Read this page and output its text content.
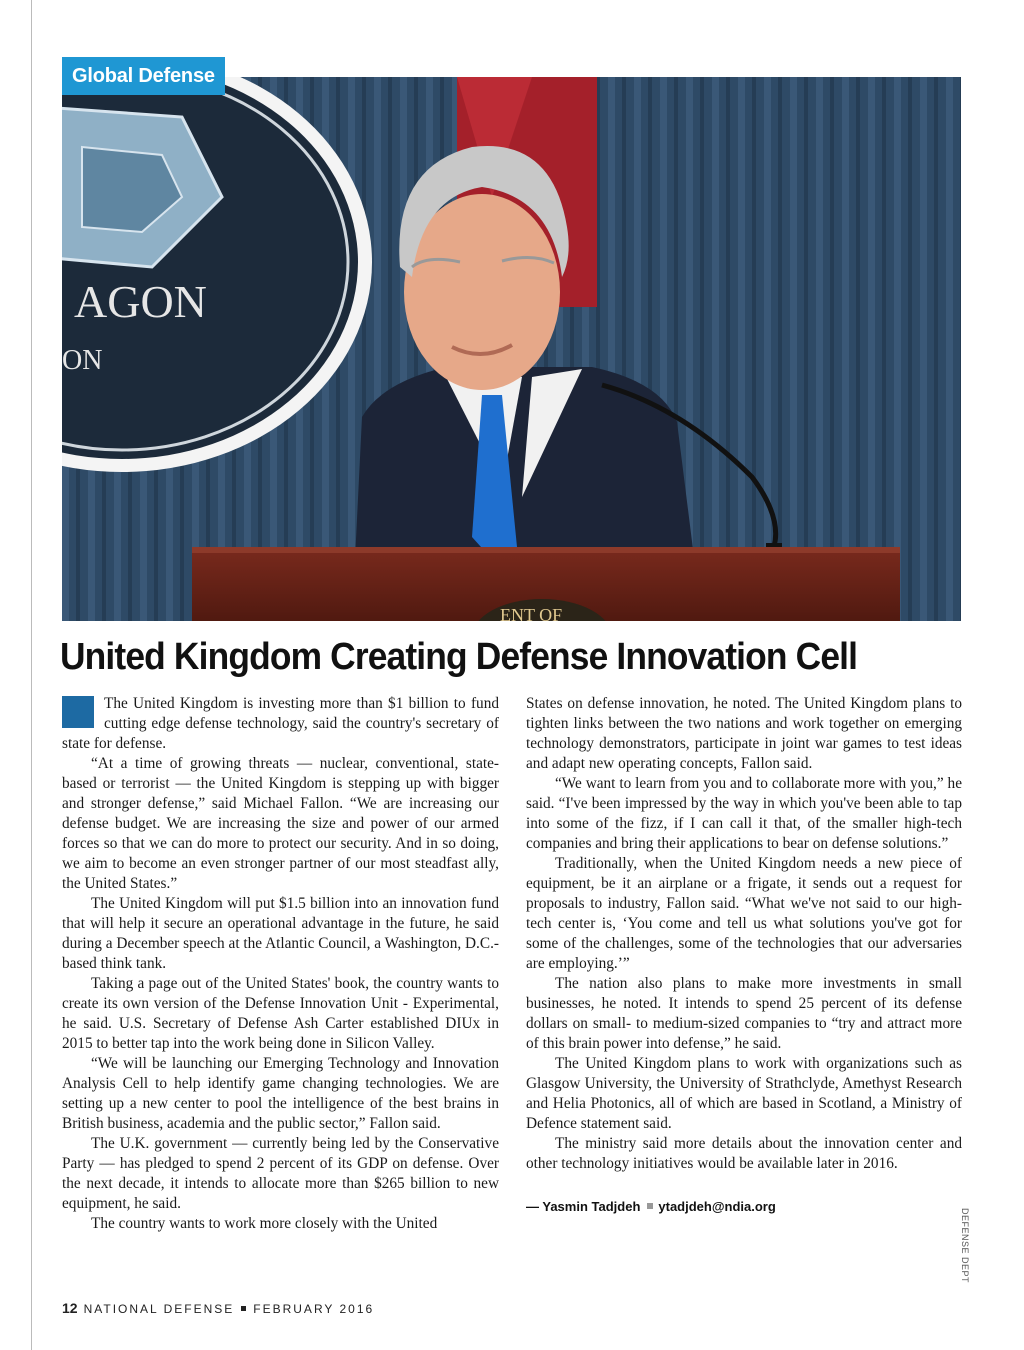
AGON
ON
ENT OF
Global Defense
United Kingdom Creating Defense Innovation Cell

The United Kingdom is investing more than $1 billion to fund cutting edge defense technology, said the country's secretary of state for defense.

“At a time of growing threats — nuclear, conventional, state-based or terrorist — the United Kingdom is stepping up with bigger and stronger defense,” said Michael Fallon. “We are increasing our defense budget. We are increasing the size and power of our armed forces so that we can do more to protect our security. And in so doing, we aim to become an even stronger partner of our most steadfast ally, the United States.”

The United Kingdom will put $1.5 billion into an innovation fund that will help it secure an operational advantage in the future, he said during a December speech at the Atlantic Council, a Washington, D.C.-based think tank.

Taking a page out of the United States' book, the country wants to create its own version of the Defense Innovation Unit - Experimental, he said. U.S. Secretary of Defense Ash Carter established DIUx in 2015 to better tap into the work being done in Silicon Valley.

“We will be launching our Emerging Technology and Innovation Analysis Cell to help identify game changing technologies. We are setting up a new center to pool the intelligence of the best brains in British business, academia and the public sector,” Fallon said.

The U.K. government — currently being led by the Conservative Party — has pledged to spend 2 percent of its GDP on defense. Over the next decade, it intends to allocate more than $265 billion to new equipment, he said.

The country wants to work more closely with the United

States on defense innovation, he noted. The United Kingdom plans to tighten links between the two nations and work together on emerging technology demonstrators, participate in joint war games to test ideas and adapt new operating concepts, Fallon said.

“We want to learn from you and to collaborate more with you,” he said. “I've been impressed by the way in which you've been able to tap into some of the fizz, if I can call it that, of the smaller high-tech companies and bring their applications to bear on defense solutions.”

Traditionally, when the United Kingdom needs a new piece of equipment, be it an airplane or a frigate, it sends out a request for proposals to industry, Fallon said. “What we've not said to our high-tech center is, ‘You come and tell us what solutions you've got for some of the challenges, some of the technologies that our adversaries are employing.’”

The nation also plans to make more investments in small businesses, he noted. It intends to spend 25 percent of its defense dollars on small- to medium-sized companies to “try and attract more of this brain power into defense,” he said.

The United Kingdom plans to work with organizations such as Glasgow University, the University of Strathclyde, Amethyst Research and Helia Photonics, all of which are based in Scotland, a Ministry of Defence statement said.

The ministry said more details about the innovation center and other technology initiatives would be available later in 2016.

— Yasmin Tadjdeh ytadjdeh@ndia.org

DEFENSE DEPT
12 NATIONAL DEFENSE FEBRUARY 2016
